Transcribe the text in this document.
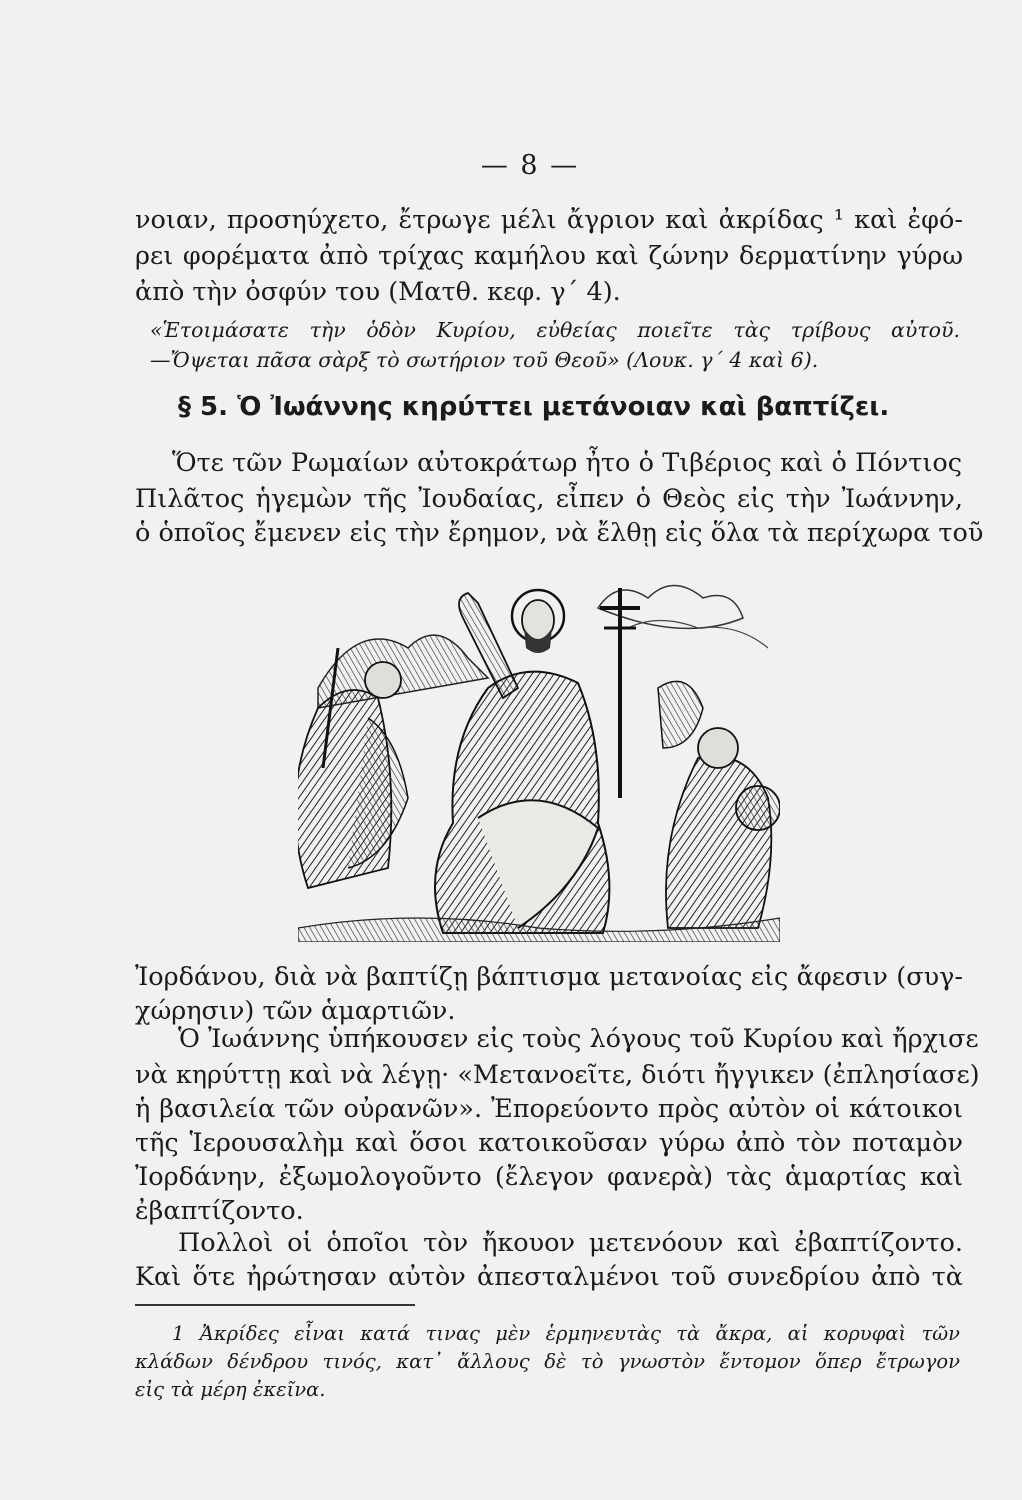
— 8 —
νοιαν, προσηύχετο, ἔτρωγε μέλι ἄγριον καὶ ἀκρίδας ¹ καὶ ἐφό-
ρει φορέματα ἀπὸ τρίχας καμήλου καὶ ζώνην δερματίνην γύρω
ἀπὸ τὴν ὀσφύν του (Ματθ. κεφ. γ΄ 4).
«Ἑτοιμάσατε τὴν ὁδὸν Κυρίου, εὐθείας ποιεῖτε τὰς τρίβους αὐτοῦ.
—Ὄψεται πᾶσα σὰρξ τὸ σωτήριον τοῦ Θεοῦ» (Λουκ. γ΄ 4 καὶ 6).
§ 5. Ὁ Ἰωάννης κηρύττει μετάνοιαν καὶ βαπτίζει.
Ὅτε τῶν Ρωμαίων αὐτοκράτωρ ἦτο ὁ Τιβέριος καὶ ὁ Πόντιος
Πιλᾶτος ἡγεμὼν τῆς Ἰουδαίας, εἶπεν ὁ Θεὸς εἰς τὴν Ἰωάννην,
ὁ ὁποῖος ἔμενεν εἰς τὴν ἔρημον, νὰ ἔλθῃ εἰς ὅλα τὰ περίχωρα τοῦ
Ἰορδάνου, διὰ νὰ βαπτίζῃ βάπτισμα μετανοίας εἰς ἄφεσιν (συγ-
χώρησιν) τῶν ἁμαρτιῶν.
Ὁ Ἰωάννης ὑπήκουσεν εἰς τοὺς λόγους τοῦ Κυρίου καὶ ἤρχισε
νὰ κηρύττῃ καὶ νὰ λέγῃ· «Μετανοεῖτε, διότι ἤγγικεν (ἐπλησίασε)
ἡ βασιλεία τῶν οὐρανῶν». Ἐπορεύοντο πρὸς αὐτὸν οἱ κάτοικοι
τῆς Ἱερουσαλὴμ καὶ ὅσοι κατοικοῦσαν γύρω ἀπὸ τὸν ποταμὸν
Ἰορδάνην, ἐξωμολογοῦντο (ἔλεγον φανερὰ) τὰς ἁμαρτίας καὶ
ἐβαπτίζοντο.
Πολλοὶ οἱ ὁποῖοι τὸν ἤκουον μετενόουν καὶ ἐβαπτίζοντο.
Καὶ ὅτε ἠρώτησαν αὐτὸν ἀπεσταλμένοι τοῦ συνεδρίου ἀπὸ τὰ
1 Ἀκρίδες εἶναι κατά τινας μὲν ἑρμηνευτὰς τὰ ἄκρα, αἱ κορυφαὶ τῶν
κλάδων δένδρου τινός, κατ᾽ ἄλλους δὲ τὸ γνωστὸν ἔντομον ὅπερ ἔτρωγον
εἰς τὰ μέρη ἐκεῖνα.
